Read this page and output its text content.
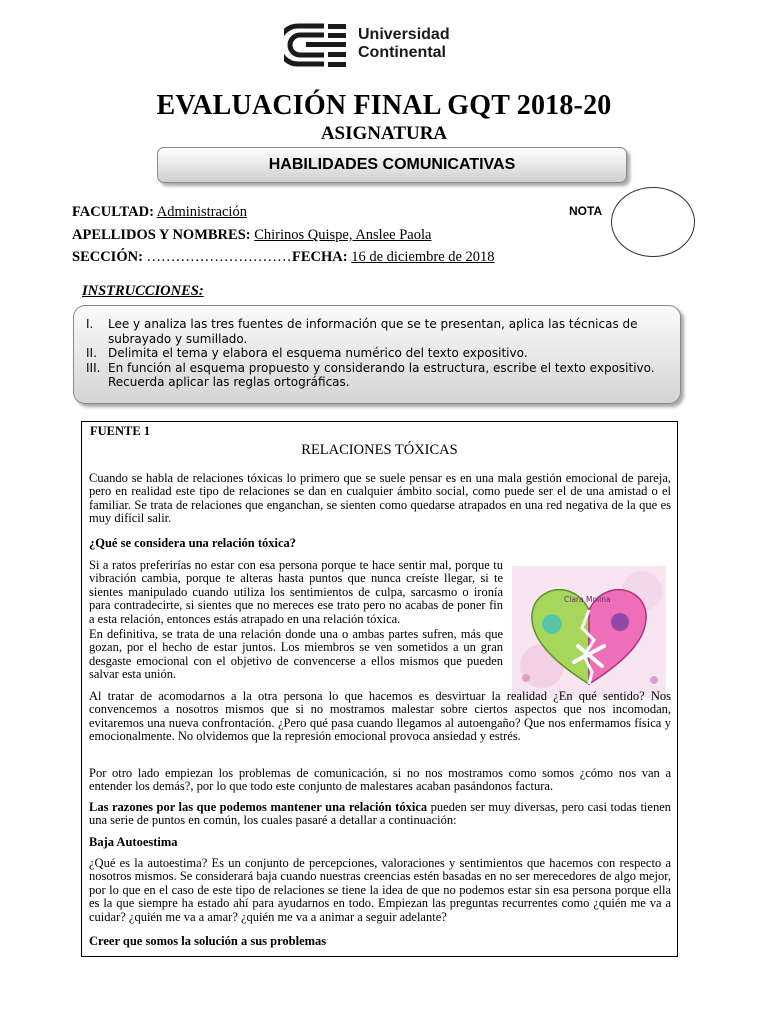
Universidad
Continental
EVALUACIÓN FINAL GQT 2018-20
ASIGNATURA
HABILIDADES COMUNICATIVAS
FACULTAD: Administración
APELLIDOS Y NOMBRES: Chirinos Quispe, Anslee Paola
SECCIÓN: ………………………… FECHA: 16 de diciembre de 2018
NOTA
INSTRUCCIONES:
I.	Lee y analiza las tres fuentes de información que se te presentan, aplica las técnicas de subrayado y sumillado.
II. Delimita el tema y elabora el esquema numérico del texto expositivo.
III. En función al esquema propuesto y considerando la estructura, escribe el texto expositivo. Recuerda aplicar las reglas ortográficas.
FUENTE 1
RELACIONES TÓXICAS
Cuando se habla de relaciones tóxicas lo primero que se suele pensar es en una mala gestión emocional de pareja, pero en realidad este tipo de relaciones se dan en cualquier ámbito social, como puede ser el de una amistad o el familiar. Se trata de relaciones que enganchan, se sienten como quedarse atrapados en una red negativa de la que es muy difícil salir.
¿Qué se considera una relación tóxica?
Si a ratos preferirías no estar con esa persona porque te hace sentir mal, porque tu vibración cambia, porque te alteras hasta puntos que nunca creíste llegar, si te sientes manipulado cuando utiliza los sentimientos de culpa, sarcasmo o ironía para contradecirte, si sientes que no mereces ese trato pero no acabas de poner fin a esta relación, entonces estás atrapado en una relación tóxica.
En definitiva, se trata de una relación donde una o ambas partes sufren, más que gozan, por el hecho de estar juntos. Los miembros se ven sometidos a un gran desgaste emocional con el objetivo de convencerse a ellos mismos que pueden salvar esta unión.
Clara Molina
Al tratar de acomodarnos a la otra persona lo que hacemos es desvirtuar la realidad ¿En qué sentido? Nos convencemos a nosotros mismos que si no mostramos malestar sobre ciertos aspectos que nos incomodan, evitaremos una nueva confrontación. ¿Pero qué pasa cuando llegamos al autoengaño? Que nos enfermamos física y emocionalmente. No olvidemos que la represión emocional provoca ansiedad y estrés.
Por otro lado empiezan los problemas de comunicación, si no nos mostramos como somos ¿cómo nos van a entender los demás?, por lo que todo este conjunto de malestares acaban pasándonos factura.
Las razones por las que podemos mantener una relación tóxica pueden ser muy diversas, pero casi todas tienen una serie de puntos en común, los cuales pasaré a detallar a continuación:
Baja Autoestima
¿Qué es la autoestima? Es un conjunto de percepciones, valoraciones y sentimientos que hacemos con respecto a nosotros mismos. Se considerará baja cuando nuestras creencias estén basadas en no ser merecedores de algo mejor, por lo que en el caso de este tipo de relaciones se tiene la idea de que no podemos estar sin esa persona porque ella es la que siempre ha estado ahí para ayudarnos en todo. Empiezan las preguntas recurrentes como ¿quién me va a cuidar? ¿quién me va a amar? ¿quién me va a animar a seguir adelante?
Creer que somos la solución a sus problemas
